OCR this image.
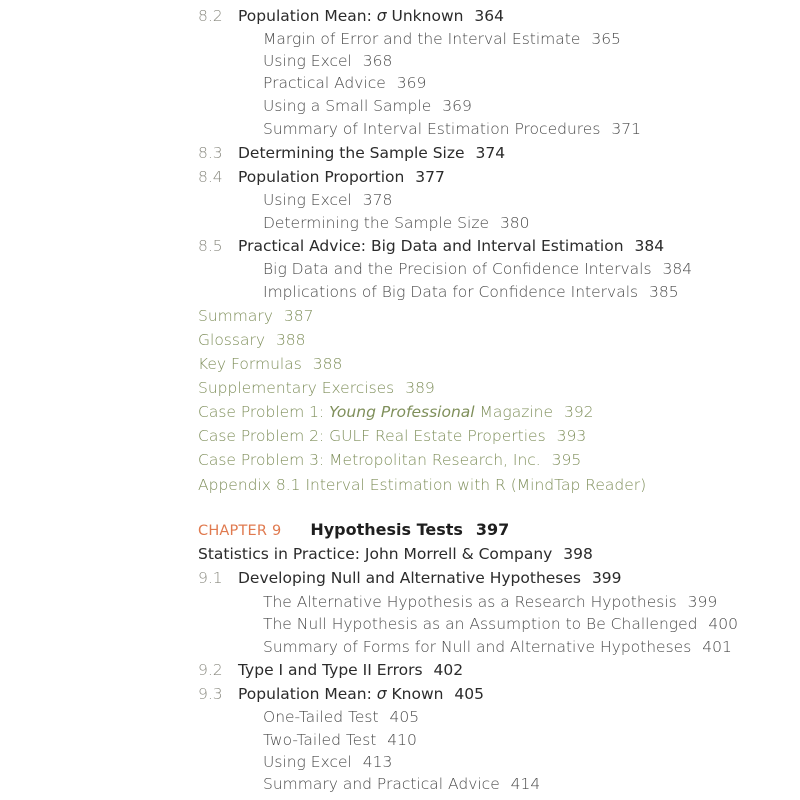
8.2 Population Mean: σ Unknown 364
Margin of Error and the Interval Estimate 365
Using Excel 368
Practical Advice 369
Using a Small Sample 369
Summary of Interval Estimation Procedures 371
8.3 Determining the Sample Size 374
8.4 Population Proportion 377
Using Excel 378
Determining the Sample Size 380
8.5 Practical Advice: Big Data and Interval Estimation 384
Big Data and the Precision of Confidence Intervals 384
Implications of Big Data for Confidence Intervals 385
Summary 387
Glossary 388
Key Formulas 388
Supplementary Exercises 389
Case Problem 1: Young Professional Magazine 392
Case Problem 2: GULF Real Estate Properties 393
Case Problem 3: Metropolitan Research, Inc. 395
Appendix 8.1 Interval Estimation with R (MindTap Reader)
CHAPTER 9 Hypothesis Tests 397
Statistics in Practice: John Morrell & Company 398
9.1 Developing Null and Alternative Hypotheses 399
The Alternative Hypothesis as a Research Hypothesis 399
The Null Hypothesis as an Assumption to Be Challenged 400
Summary of Forms for Null and Alternative Hypotheses 401
9.2 Type I and Type II Errors 402
9.3 Population Mean: σ Known 405
One-Tailed Test 405
Two-Tailed Test 410
Using Excel 413
Summary and Practical Advice 414
